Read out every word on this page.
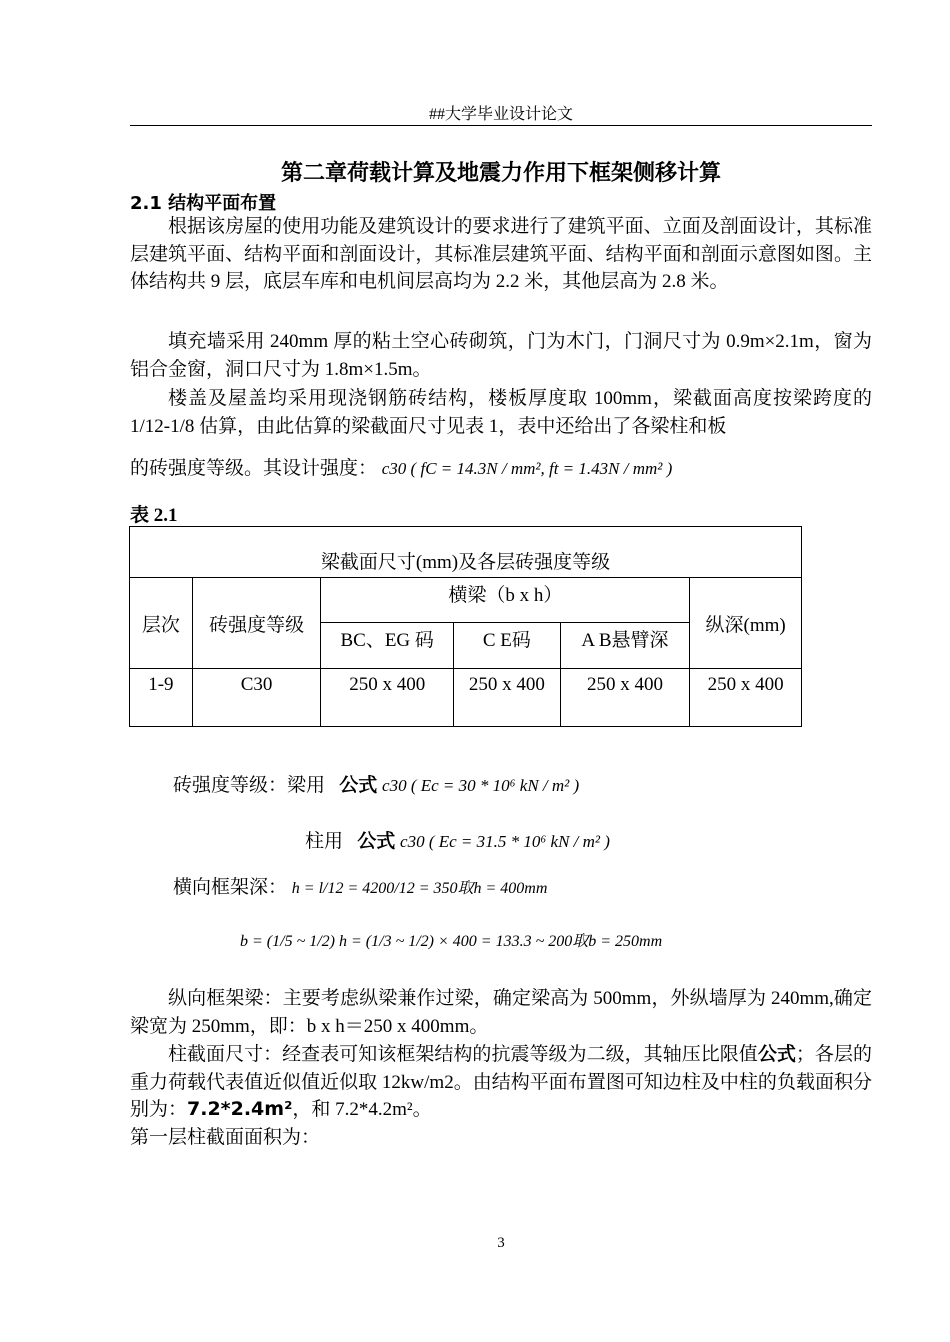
##大学毕业设计论文
第二章荷载计算及地震力作用下框架侧移计算
2.1 结构平面布置

根据该房屋的使用功能及建筑设计的要求进行了建筑平面、立面及剖面设计，其标准层建筑平面、结构平面和剖面设计，其标准层建筑平面、结构平面和剖面示意图如图。主体结构共 9 层，底层车库和电机间层高均为 2.2 米，其他层高为 2.8 米。

填充墙采用 240mm 厚的粘土空心砖砌筑，门为木门，门洞尺寸为 0.9m×2.1m，窗为铝合金窗，洞口尺寸为 1.8m×1.5m。

楼盖及屋盖均采用现浇钢筋砖结构，楼板厚度取 100mm，梁截面高度按梁跨度的 1/12-1/8 估算，由此估算的梁截面尺寸见表 1，表中还给出了各梁柱和板

的砖强度等级。其设计强度： c30 ( fC = 14.3N / mm², ft = 1.43N / mm² )
表 2.1
梁截面尺寸(mm)及各层砖强度等级					
层次	砖强度等级	横梁（b x h）			纵深(mm)
		BC、EG 码	C E码	A B悬臂深	
1-9	C30	250 x 400	250 x 400	250 x 400	250 x 400
砖强度等级：梁用 公式 c30 ( Ec = 30 * 10⁶ kN / m² )
柱用 公式 c30 ( Ec = 31.5 * 10⁶ kN / m² )
横向框架深： h = l/12 = 4200/12 = 350取h = 400mm
b = (1/5 ~ 1/2) h = (1/3 ~ 1/2) × 400 = 133.3 ~ 200取b = 250mm

纵向框架梁：主要考虑纵梁兼作过梁，确定梁高为 500mm，外纵墙厚为 240mm,确定梁宽为 250mm，即：b x h＝250 x 400mm。

柱截面尺寸：经查表可知该框架结构的抗震等级为二级，其轴压比限值公式；各层的重力荷载代表值近似值近似取 12kw/m2。由结构平面布置图可知边柱及中柱的负载面积分别为：7.2*2.4m²，和 7.2*4.2m²。

第一层柱截面面积为：

3
